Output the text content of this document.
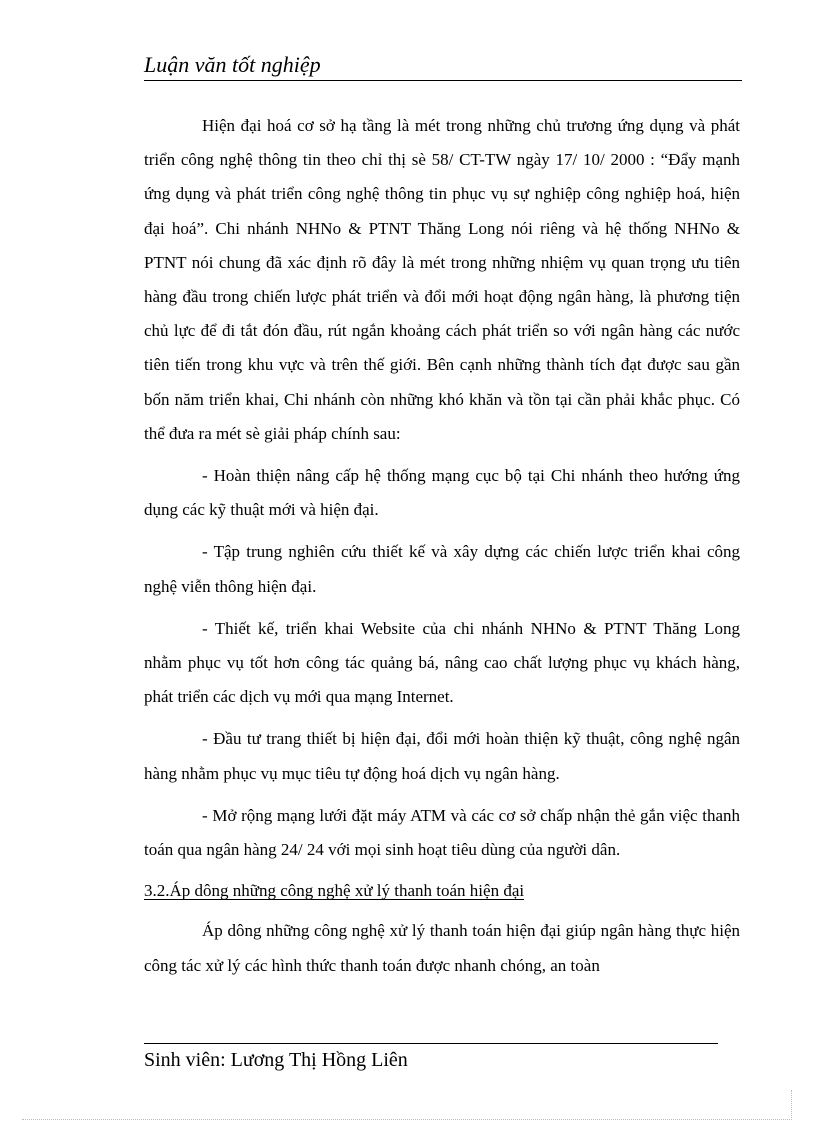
Luận văn tốt nghiệp

Hiện đại hoá cơ sở hạ tầng là mét trong những chủ trương ứng dụng và phát triển công nghệ thông tin theo chỉ thị sè 58/ CT-TW ngày 17/ 10/ 2000 : “Đẩy mạnh ứng dụng và phát triển công nghệ thông tin phục vụ sự nghiệp công nghiệp hoá, hiện đại hoá”. Chi nhánh NHNo & PTNT Thăng Long nói riêng và hệ thống NHNo & PTNT nói chung đã xác định rõ đây là mét trong những nhiệm vụ quan trọng ưu tiên hàng đầu trong chiến lược phát triển và đổi mới hoạt động ngân hàng, là phương tiện chủ lực để đi tắt đón đầu, rút ngắn khoảng cách phát triển so với ngân hàng các nước tiên tiến trong khu vực và trên thế giới. Bên cạnh những thành tích đạt được sau gần bốn năm triển khai, Chi nhánh còn những khó khăn và tồn tại cần phải khắc phục. Có thể đưa ra mét sè giải pháp chính sau:

- Hoàn thiện nâng cấp hệ thống mạng cục bộ tại Chi nhánh theo hướng ứng dụng các kỹ thuật mới và hiện đại.

- Tập trung nghiên cứu thiết kế và xây dựng các chiến lược triển khai công nghệ viễn thông hiện đại.

- Thiết kế, triển khai Website của chi nhánh NHNo & PTNT Thăng Long nhằm phục vụ tốt hơn công tác quảng bá, nâng cao chất lượng phục vụ khách hàng, phát triển các dịch vụ mới qua mạng Internet.

- Đầu tư trang thiết bị hiện đại, đổi mới hoàn thiện kỹ thuật, công nghệ ngân hàng nhằm phục vụ mục tiêu tự động hoá dịch vụ ngân hàng.

- Mở rộng mạng lưới đặt máy ATM và các cơ sở chấp nhận thẻ gắn việc thanh toán qua ngân hàng 24/ 24 với mọi sinh hoạt tiêu dùng của người dân.

3.2.Áp dông những công nghệ xử lý thanh toán hiện đại

Áp dông những công nghệ xử lý thanh toán hiện đại giúp ngân hàng thực hiện công tác xử lý các hình thức thanh toán được nhanh chóng, an toàn

Sinh viên: Lương Thị Hồng Liên
